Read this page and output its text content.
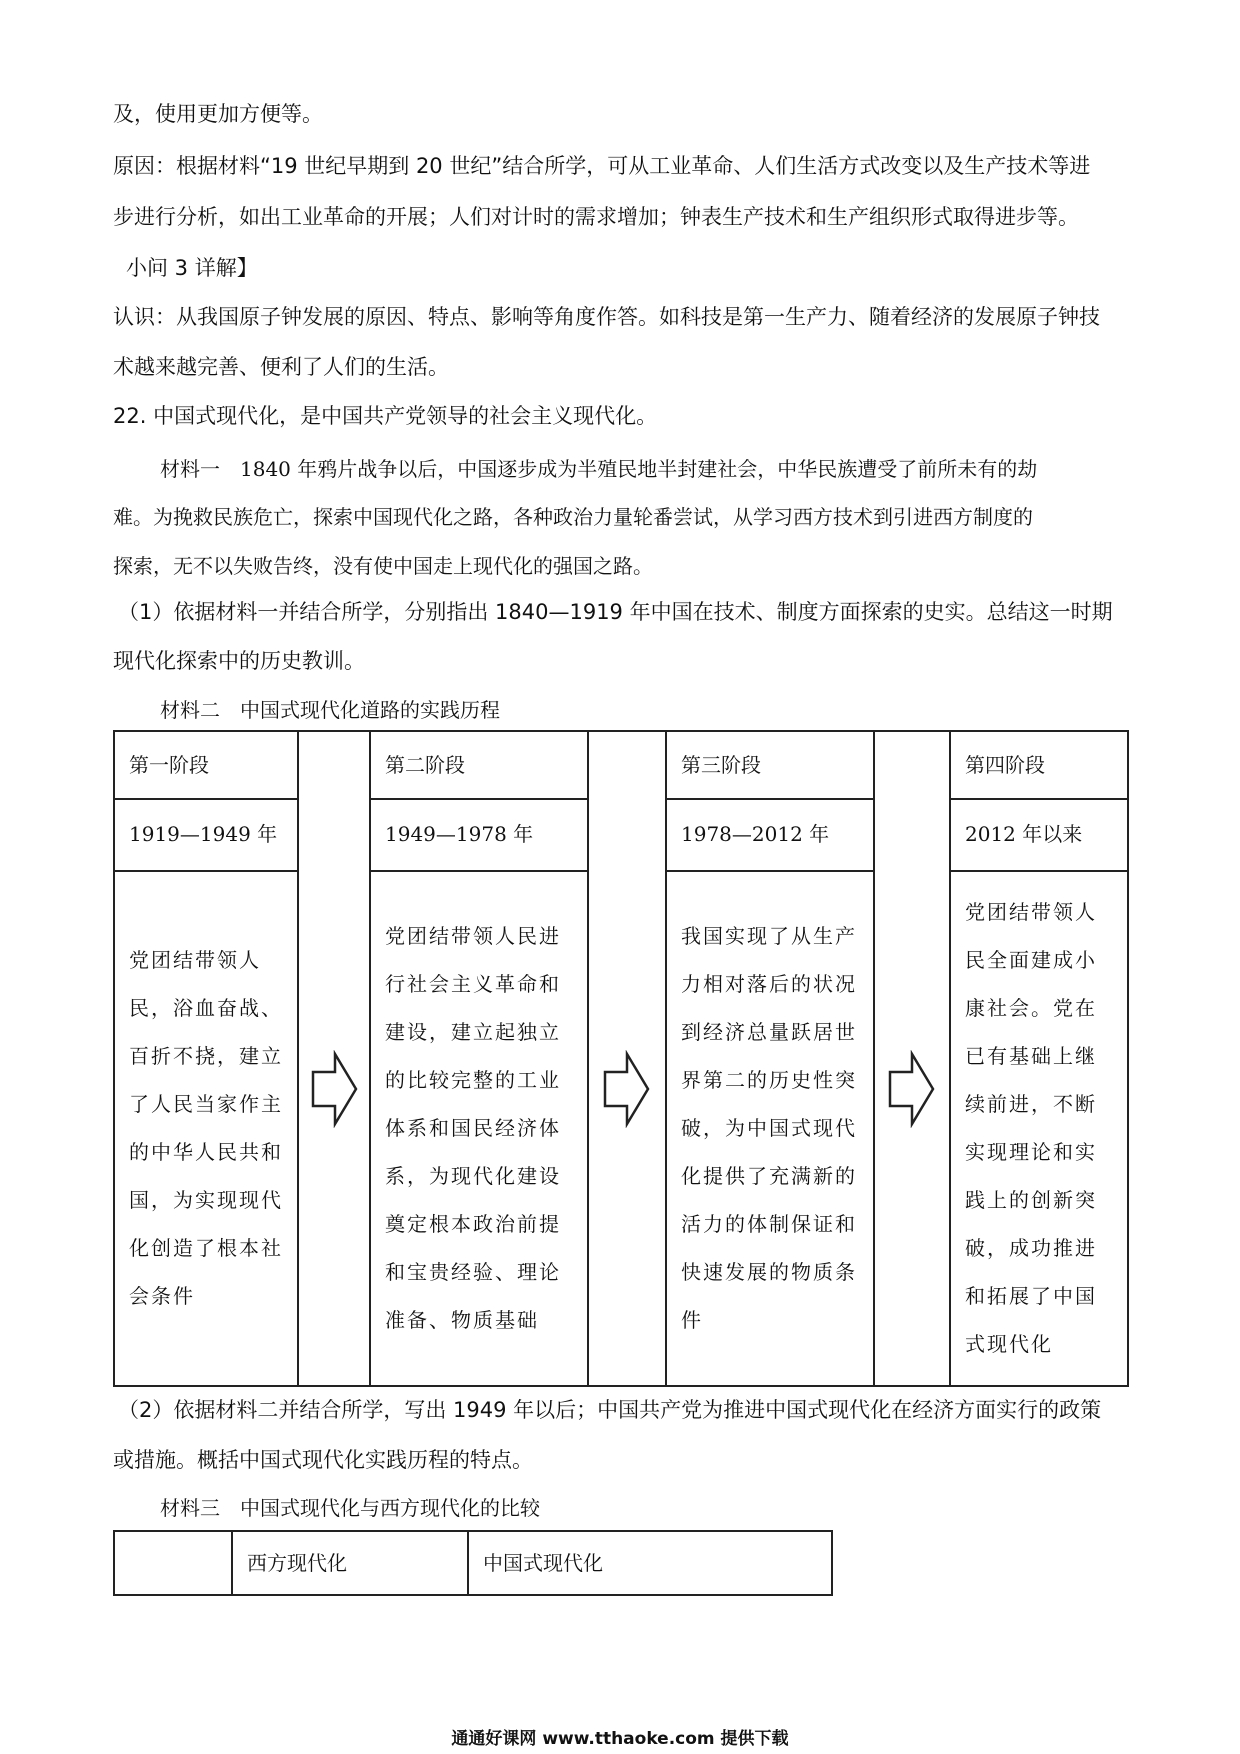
及，使用更加方便等。
原因：根据材料“19 世纪早期到 20 世纪”结合所学，可从工业革命、人们生活方式改变以及生产技术等进
步进行分析，如出工业革命的开展；人们对计时的需求增加；钟表生产技术和生产组织形式取得进步等。
小问 3 详解】
认识：从我国原子钟发展的原因、特点、影响等角度作答。如科技是第一生产力、随着经济的发展原子钟技
术越来越完善、便利了人们的生活。
22. 中国式现代化，是中国共产党领导的社会主义现代化。
材料一　1840 年鸦片战争以后，中国逐步成为半殖民地半封建社会，中华民族遭受了前所未有的劫
难。为挽救民族危亡，探索中国现代化之路，各种政治力量轮番尝试，从学习西方技术到引进西方制度的
探索，无不以失败告终，没有使中国走上现代化的强国之路。
（1）依据材料一并结合所学，分别指出 1840—1919 年中国在技术、制度方面探索的史实。总结这一时期
现代化探索中的历史教训。
材料二　中国式现代化道路的实践历程
第一阶段
1919—1949 年
党团结带领人民，浴血奋战、百折不挠，建立了人民当家作主的中华人民共和国，为实现现代化创造了根本社会条件
第二阶段
1949—1978 年
党团结带领人民进行社会主义革命和建设，建立起独立的比较完整的工业体系和国民经济体系，为现代化建设奠定根本政治前提和宝贵经验、理论准备、物质基础
第三阶段
1978—2012 年
我国实现了从生产力相对落后的状况到经济总量跃居世界第二的历史性突破，为中国式现代化提供了充满新的活力的体制保证和快速发展的物质条件
第四阶段
2012 年以来
党团结带领人民全面建成小康社会。党在已有基础上继续前进，不断实现理论和实践上的创新突破，成功推进和拓展了中国式现代化
（2）依据材料二并结合所学，写出 1949 年以后；中国共产党为推进中国式现代化在经济方面实行的政策
或措施。概括中国式现代化实践历程的特点。
材料三　中国式现代化与西方现代化的比较
西方现代化	中国式现代化
通通好课网 www.tthaoke.com 提供下载
